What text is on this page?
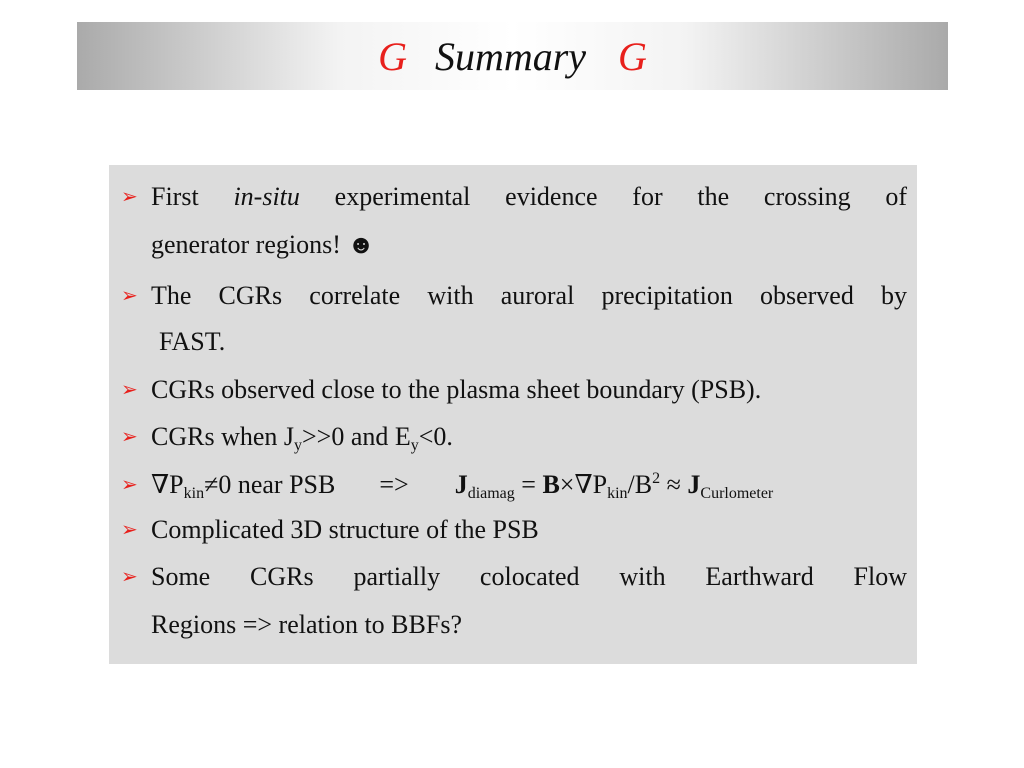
G Summary G
➢ First in-situ experimental evidence for the crossing of
generator regions! ☻
➢ The CGRs correlate with auroral precipitation observed by
FAST.
➢ CGRs observed close to the plasma sheet boundary (PSB).
➢ CGRs when $J_y>>0$ and $E_y<0$.
➢ $\nabla P_{kin}\ne 0$ near PSB => $J_{diamag} = B\times\nabla P_{kin}/B^2 \approx J_{Curlometer}$
➢ Complicated 3D structure of the PSB
➢ Some CGRs partially colocated with Earthward Flow
Regions => relation to BBFs?
